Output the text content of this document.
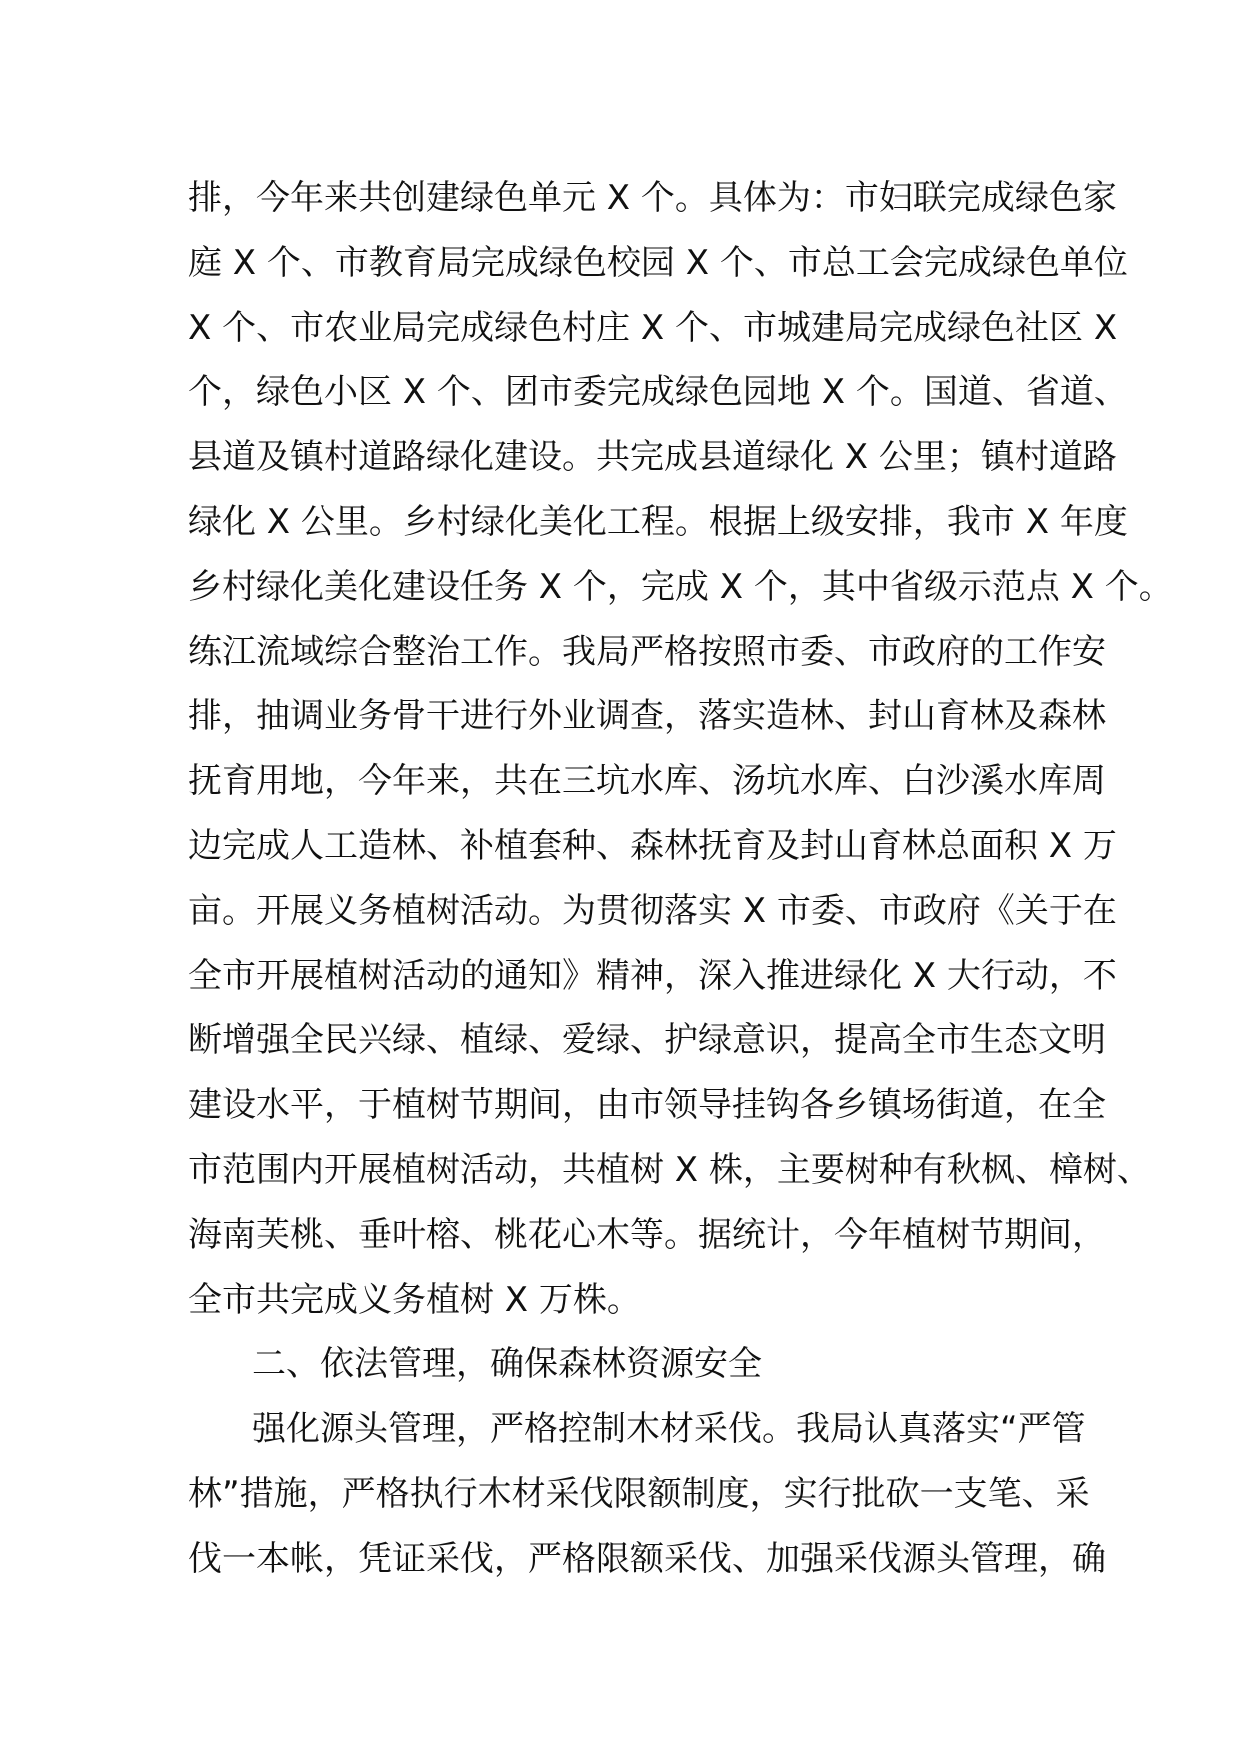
排，今年来共创建绿色单元 X 个。具体为：市妇联完成绿色家
庭 X 个、市教育局完成绿色校园 X 个、市总工会完成绿色单位
X 个、市农业局完成绿色村庄 X 个、市城建局完成绿色社区 X
个，绿色小区 X 个、团市委完成绿色园地 X 个。国道、省道、
县道及镇村道路绿化建设。共完成县道绿化 X 公里；镇村道路
绿化 X 公里。乡村绿化美化工程。根据上级安排，我市 X 年度
乡村绿化美化建设任务 X 个，完成 X 个，其中省级示范点 X 个。
练江流域综合整治工作。我局严格按照市委、市政府的工作安
排，抽调业务骨干进行外业调查，落实造林、封山育林及森林
抚育用地，今年来，共在三坑水库、汤坑水库、白沙溪水库周
边完成人工造林、补植套种、森林抚育及封山育林总面积 X 万
亩。开展义务植树活动。为贯彻落实 X 市委、市政府《关于在
全市开展植树活动的通知》精神，深入推进绿化 X 大行动，不
断增强全民兴绿、植绿、爱绿、护绿意识，提高全市生态文明
建设水平，于植树节期间，由市领导挂钩各乡镇场街道，在全
市范围内开展植树活动，共植树 X 株，主要树种有秋枫、樟树、
海南芙桃、垂叶榕、桃花心木等。据统计，今年植树节期间，
全市共完成义务植树 X 万株。
二、依法管理，确保森林资源安全
强化源头管理，严格控制木材采伐。我局认真落实“严管
林”措施，严格执行木材采伐限额制度，实行批砍一支笔、采
伐一本帐，凭证采伐，严格限额采伐、加强采伐源头管理，确
